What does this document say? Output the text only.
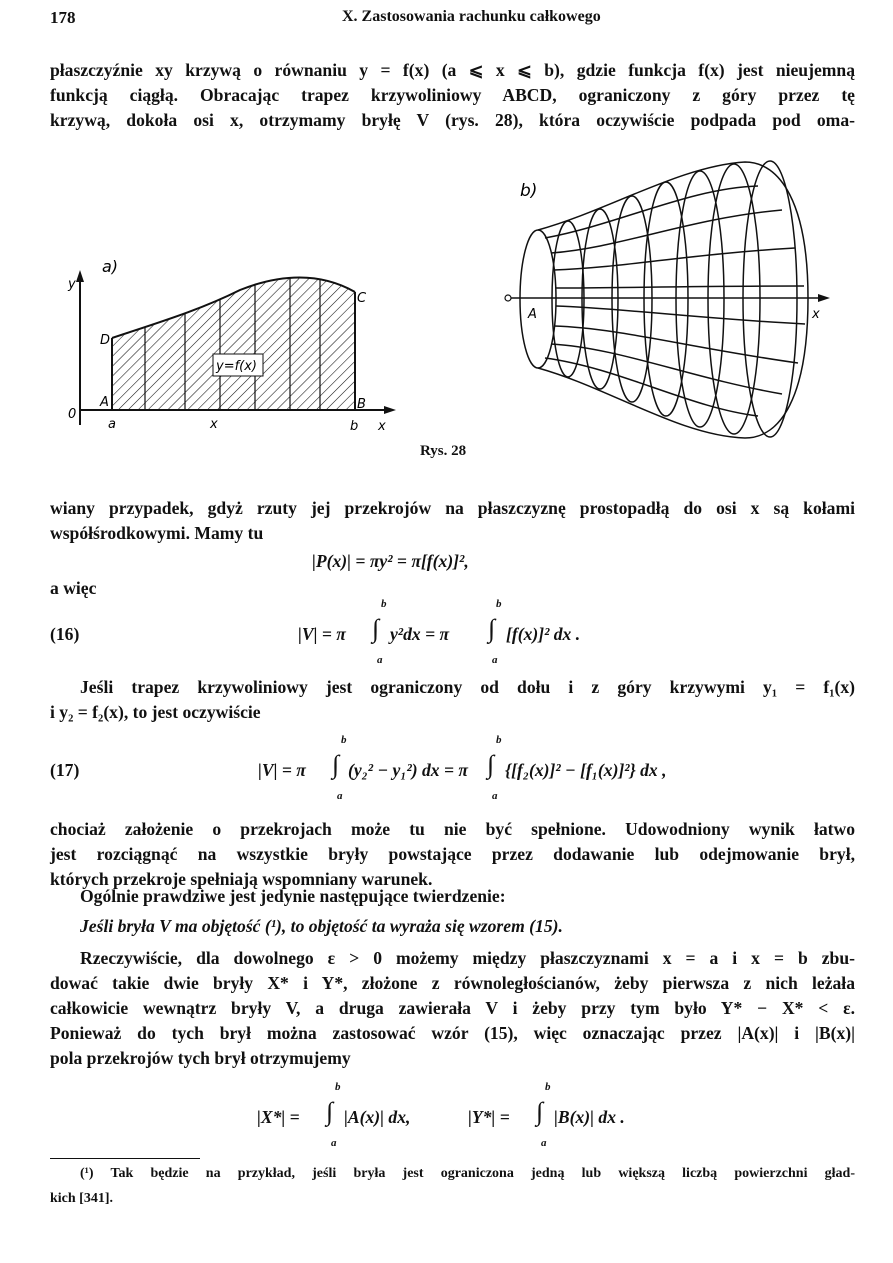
178	X. Zastosowania rachunku całkowego
płaszczyźnie xy krzywą o równaniu y = f(x) (a ⩽ x ⩽ b), gdzie funkcja f(x) jest nieujemną
funkcją ciągłą. Obracając trapez krzywoliniowy ABCD, ograniczony z góry przez tę
krzywą, dokoła osi x, otrzymamy bryłę V (rys. 28), która oczywiście podpada pod oma-
y=f(x)
a)
y
0
D
A
C
B
a	x	b x
b)
A	x
Rys. 28
wiany przypadek, gdyż rzuty jej przekrojów na płaszczyznę prostopadłą do osi x są kołami
współśrodkowymi. Mamy tu
|P(x)| = πy² = π[f(x)]²,
a więc
(16)	|V| = π ∫
b
a
y²dx = π ∫
b
a
[f(x)]² dx .
Jeśli trapez krzywoliniowy jest ograniczony od dołu i z góry krzywymi y₁ = f₁(x)
i y₂ = f₂(x), to jest oczywiście
(17)	|V| = π ∫
b
a
(y₂² − y₁²) dx = π ∫
b
a
{[f₂(x)]² − [f₁(x)]²} dx ,
chociaż założenie o przekrojach może tu nie być spełnione. Udowodniony wynik łatwo
jest rozciągnąć na wszystkie bryły powstające przez dodawanie lub odejmowanie brył,
których przekroje spełniają wspomniany warunek.
Ogólnie prawdziwe jest jedynie następujące twierdzenie:
Jeśli bryła V ma objętość (¹), to objętość ta wyraża się wzorem (15).
Rzeczywiście, dla dowolnego ε > 0 możemy między płaszczyznami x = a i x = b zbu-
dować takie dwie bryły X* i Y*, złożone z równoległościanów, żeby pierwsza z nich leżała
całkowicie wewnątrz bryły V, a druga zawierała V i żeby przy tym było Y* − X* < ε.
Ponieważ do tych brył można zastosować wzór (15), więc oznaczając przez |A(x)| i |B(x)|
pola przekrojów tych brył otrzymujemy
|X*| = ∫
b
a
|A(x)| dx,	|Y*| = ∫
b
a
|B(x)| dx .
(¹) Tak będzie na przykład, jeśli bryła jest ograniczona jedną lub większą liczbą powierzchni gład-
kich [341].
